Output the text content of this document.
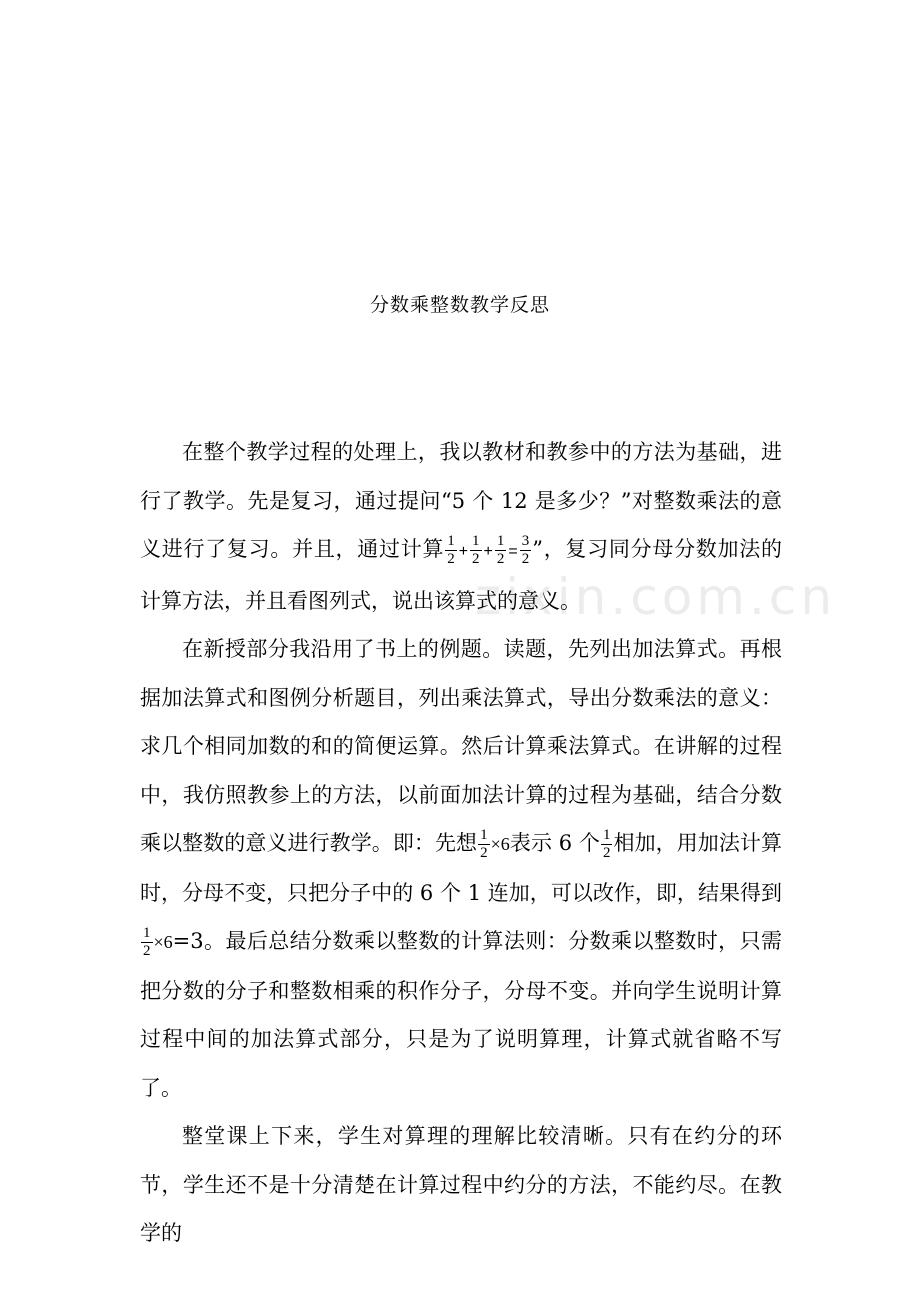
分数乘整数教学反思
zixin.com.cn

在整个教学过程的处理上，我以教材和教参中的方法为基础，进行了教学。先是复习，通过提问“5 个 12 是多少？”对整数乘法的意义进行了复习。并且，通过计算 $\frac{1}{2} + \frac{1}{2} + \frac{1}{2} = \frac{3}{2}$ ”，复习同分母分数加法的计算方法，并且看图列式，说出该算式的意义。

在新授部分我沿用了书上的例题。读题，先列出加法算式。再根据加法算式和图例分析题目，列出乘法算式，导出分数乘法的意义：求几个相同加数的和的简便运算。然后计算乘法算式。在讲解的过程中，我仿照教参上的方法，以前面加法计算的过程为基础，结合分数乘以整数的意义进行教学。即：先想 $\frac{1}{2} \times 6$表示 6 个 $\frac{1}{2}$ 相加，用加法计算时，分母不变，只把分子中的 6 个 1 连加，可以改作，即，结果得到
$\frac{1}{2} \times 6=3$。最后总结分数乘以整数的计算法则：分数乘以整数时，只需把分数的分子和整数相乘的积作分子，分母不变。并向学生说明计算过程中间的加法算式部分，只是为了说明算理，计算式就省略不写了。

整堂课上下来，学生对算理的理解比较清晰。只有在约分的环节，学生还不是十分清楚在计算过程中约分的方法，不能约尽。在教学的
